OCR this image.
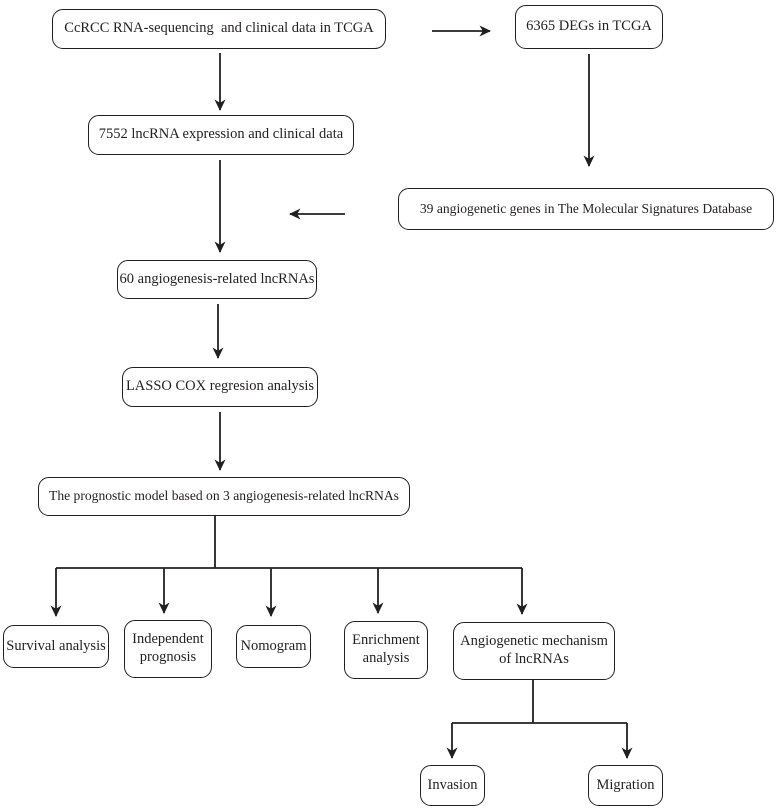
CcRCC RNA-sequencing  and clinical data in TCGA	6365 DEGs in TCGA
7552 lncRNA expression and clinical data
39 angiogenetic genes in The Molecular Signatures Database
60 angiogenesis-related lncRNAs
LASSO COX regresion analysis
The prognostic model based on 3 angiogenesis-related lncRNAs
Survival analysis	Independent prognosis
Nomogram	Enrichment analysis
Angiogenetic mechanism of lncRNAs
Invasion	Migration
